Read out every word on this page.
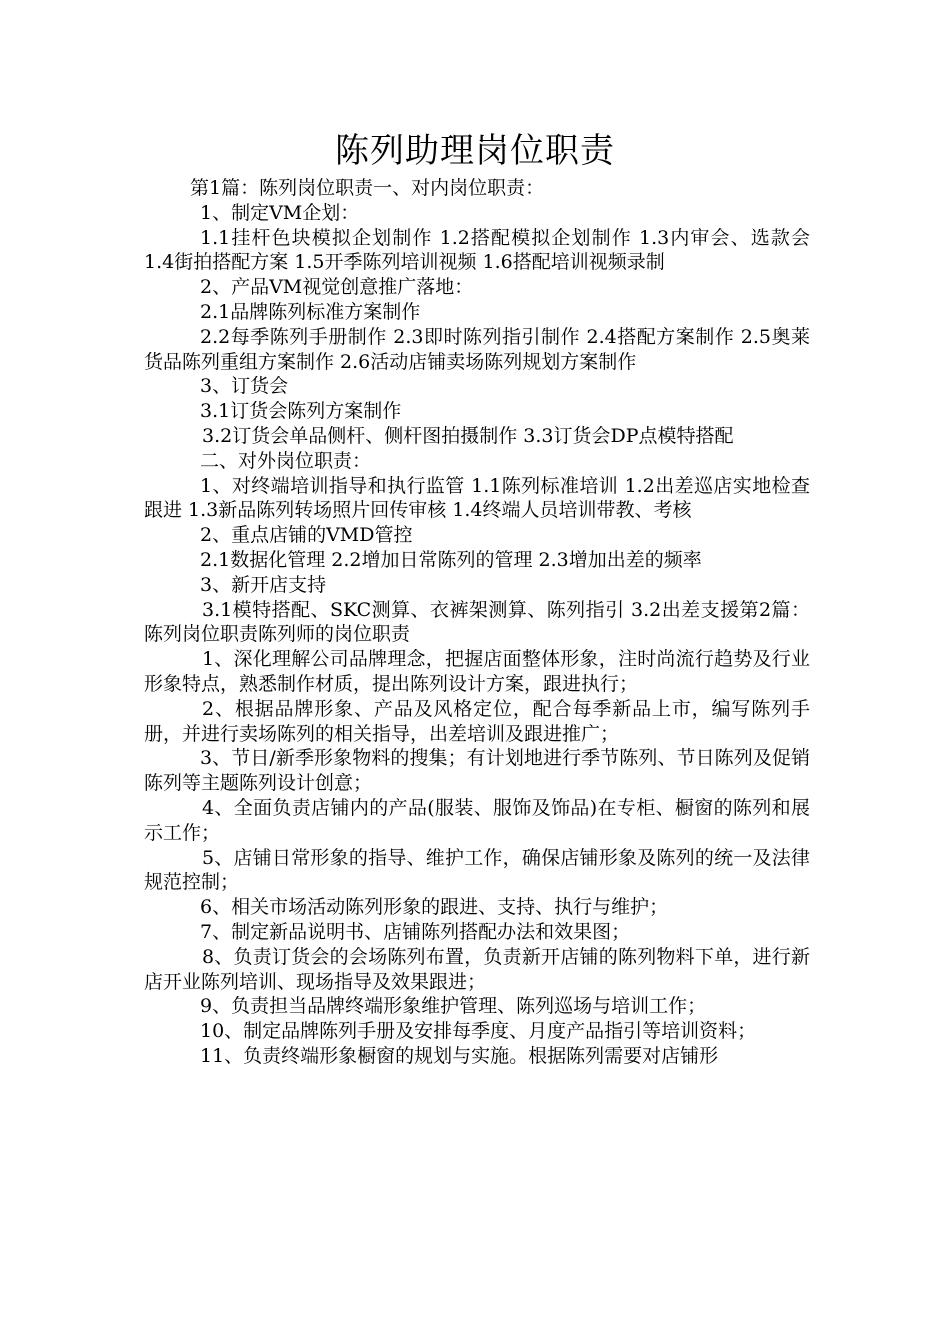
陈列助理岗位职责

第1篇：陈列岗位职责一、对内岗位职责：

1、制定VM企划：

1.1挂杆色块模拟企划制作 1.2搭配模拟企划制作 1.3内审会、选款会 1.4街拍搭配方案 1.5开季陈列培训视频 1.6搭配培训视频录制

2、产品VM视觉创意推广落地：

2.1品牌陈列标准方案制作

2.2每季陈列手册制作 2.3即时陈列指引制作 2.4搭配方案制作 2.5奥莱货品陈列重组方案制作 2.6活动店铺卖场陈列规划方案制作

3、订货会

3.1订货会陈列方案制作

3.2订货会单品侧杆、侧杆图拍摄制作 3.3订货会DP点模特搭配

二、对外岗位职责：

1、对终端培训指导和执行监管 1.1陈列标准培训 1.2出差巡店实地检查跟进 1.3新品陈列转场照片回传审核 1.4终端人员培训带教、考核

2、重点店铺的VMD管控

2.1数据化管理 2.2增加日常陈列的管理 2.3增加出差的频率

3、新开店支持

3.1模特搭配、SKC测算、衣裤架测算、陈列指引 3.2出差支援第2篇：陈列岗位职责陈列师的岗位职责

1、深化理解公司品牌理念，把握店面整体形象，注时尚流行趋势及行业形象特点，熟悉制作材质，提出陈列设计方案，跟进执行；

2、根据品牌形象、产品及风格定位，配合每季新品上市，编写陈列手册，并进行卖场陈列的相关指导，出差培训及跟进推广；

3、节日/新季形象物料的搜集；有计划地进行季节陈列、节日陈列及促销陈列等主题陈列设计创意；

4、全面负责店铺内的产品(服装、服饰及饰品)在专柜、橱窗的陈列和展示工作；

5、店铺日常形象的指导、维护工作，确保店铺形象及陈列的统一及法律规范控制；

6、相关市场活动陈列形象的跟进、支持、执行与维护；

7、制定新品说明书、店铺陈列搭配办法和效果图；

8、负责订货会的会场陈列布置，负责新开店铺的陈列物料下单，进行新店开业陈列培训、现场指导及效果跟进；

9、负责担当品牌终端形象维护管理、陈列巡场与培训工作；

10、制定品牌陈列手册及安排每季度、月度产品指引等培训资料；

11、负责终端形象橱窗的规划与实施。根据陈列需要对店铺形
